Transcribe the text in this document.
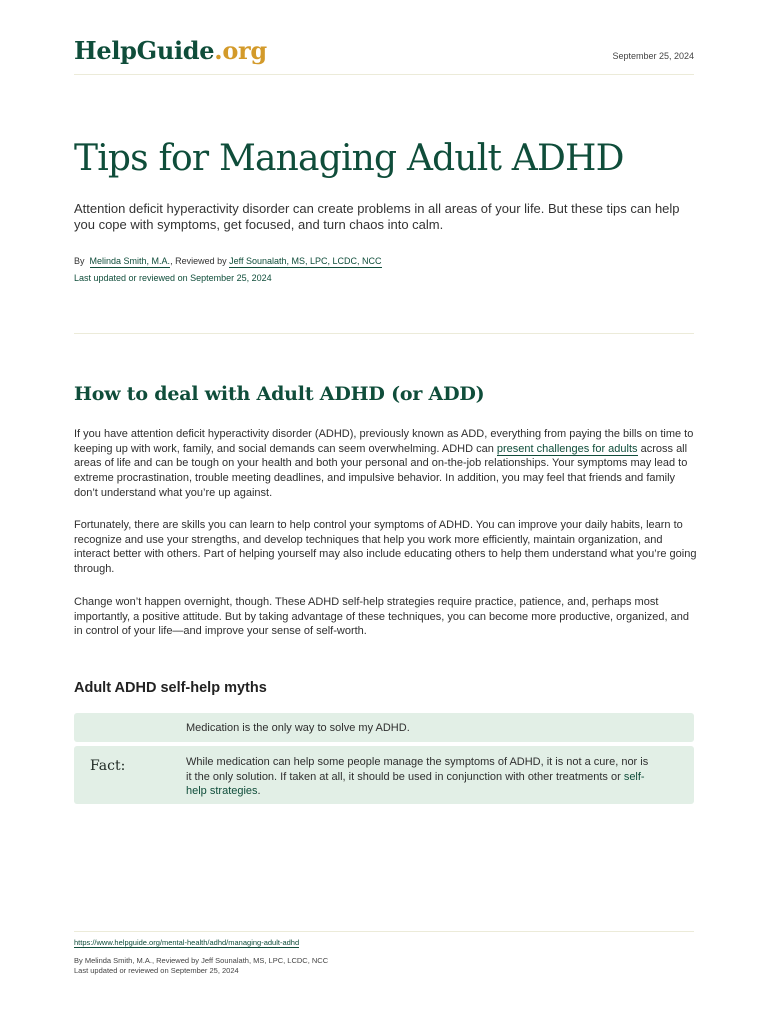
HelpGuide.org	September 25, 2024
Tips for Managing Adult ADHD

Attention deficit hyperactivity disorder can create problems in all areas of your life. But these tips can help you cope with symptoms, get focused, and turn chaos into calm.

By Melinda Smith, M.A., Reviewed by Jeff Sounalath, MS, LPC, LCDC, NCC
Last updated or reviewed on September 25, 2024
How to deal with Adult ADHD (or ADD)

If you have attention deficit hyperactivity disorder (ADHD), previously known as ADD, everything from paying the bills on time to keeping up with work, family, and social demands can seem overwhelming. ADHD can present challenges for adults across all areas of life and can be tough on your health and both your personal and on-the-job relationships. Your symptoms may lead to extreme procrastination, trouble meeting deadlines, and impulsive behavior. In addition, you may feel that friends and family don’t understand what you’re up against.

Fortunately, there are skills you can learn to help control your symptoms of ADHD. You can improve your daily habits, learn to recognize and use your strengths, and develop techniques that help you work more efficiently, maintain organization, and interact better with others. Part of helping yourself may also include educating others to help them understand what you’re going through.

Change won’t happen overnight, though. These ADHD self-help strategies require practice, patience, and, perhaps most importantly, a positive attitude. But by taking advantage of these techniques, you can become more productive, organized, and in control of your life—and improve your sense of self-worth.

Adult ADHD self-help myths
Medication is the only way to solve my ADHD.
Fact:	While medication can help some people manage the symptoms of ADHD, it is not a cure, nor is it the only solution. If taken at all, it should be used in conjunction with other treatments or self-help strategies.
https://www.helpguide.org/mental-health/adhd/managing-adult-adhd
By Melinda Smith, M.A., Reviewed by Jeff Sounalath, MS, LPC, LCDC, NCC
Last updated or reviewed on September 25, 2024
